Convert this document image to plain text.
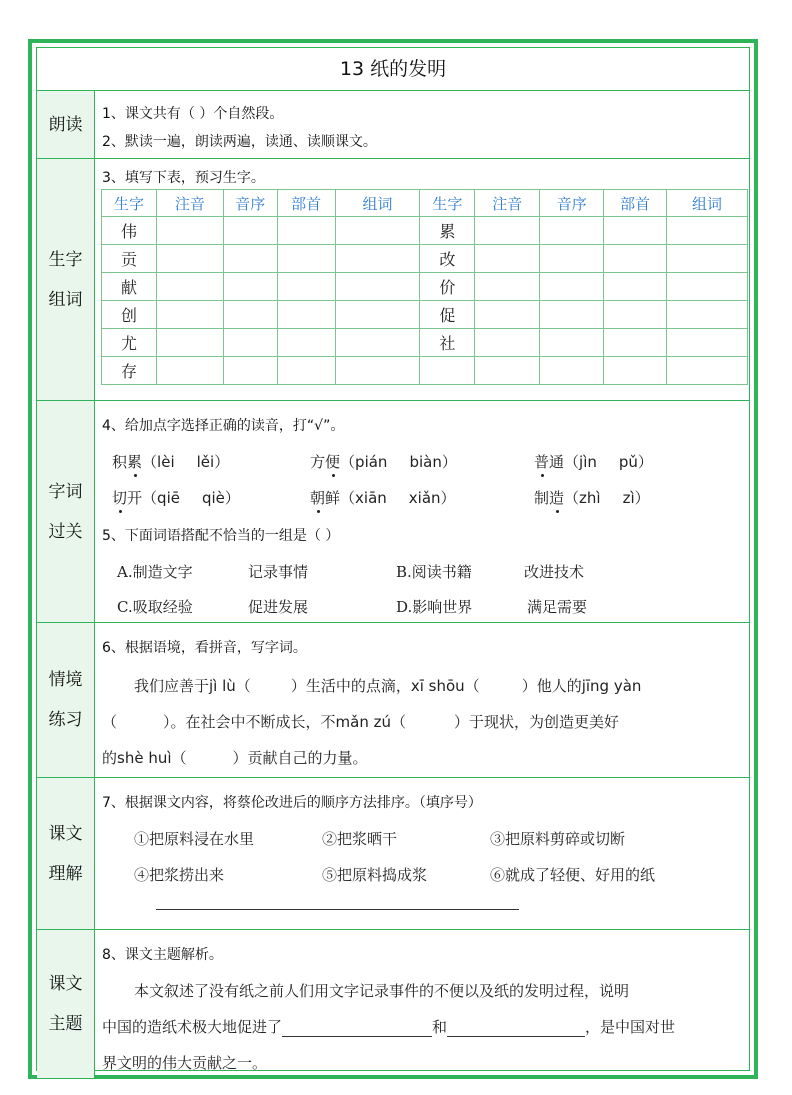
13 纸的发明
朗读
1、课文共有（ ）个自然段。
2、默读一遍，朗读两遍，读通、读顺课文。
生字
组词
3、填写下表，预习生字。
生字	注音	音序	部首	组词	生字	注音	音序	部首	组词
伟					累				
贡					改				
献					价				
创					促				
尤					社				
存									
字词
过关
4、给加点字选择正确的读音，打“√”。
积累（lèi lěi）	方便（pián biàn）	普通（jìn pǔ）
切开（qiē qiè）	朝鲜（xiān xiǎn）	制造（zhì zì）
5、下面词语搭配不恰当的一组是（ ）
A.制造文字	记录事情	B.阅读书籍	改进技术
C.吸取经验	促进发展	D.影响世界	满足需要
情境
练习
6、根据语境，看拼音，写字词。
我们应善于jì lù（	）生活中的点滴，xī shōu（	）他人的jīng yàn
（	）。在社会中不断成长，不mǎn zú（	）于现状，为创造更美好
的shè huì（	）贡献自己的力量。
课文
理解
7、根据课文内容，将蔡伦改进后的顺序方法排序。（填序号）
①把原料浸在水里	②把浆晒干	③把原料剪碎或切断
④把浆捞出来	⑤把原料捣成浆	⑥就成了轻便、好用的纸
课文
主题
8、课文主题解析。
本文叙述了没有纸之前人们用文字记录事件的不便以及纸的发明过程，说明
中国的造纸术极大地促进了	和	，是中国对世
界文明的伟大贡献之一。
